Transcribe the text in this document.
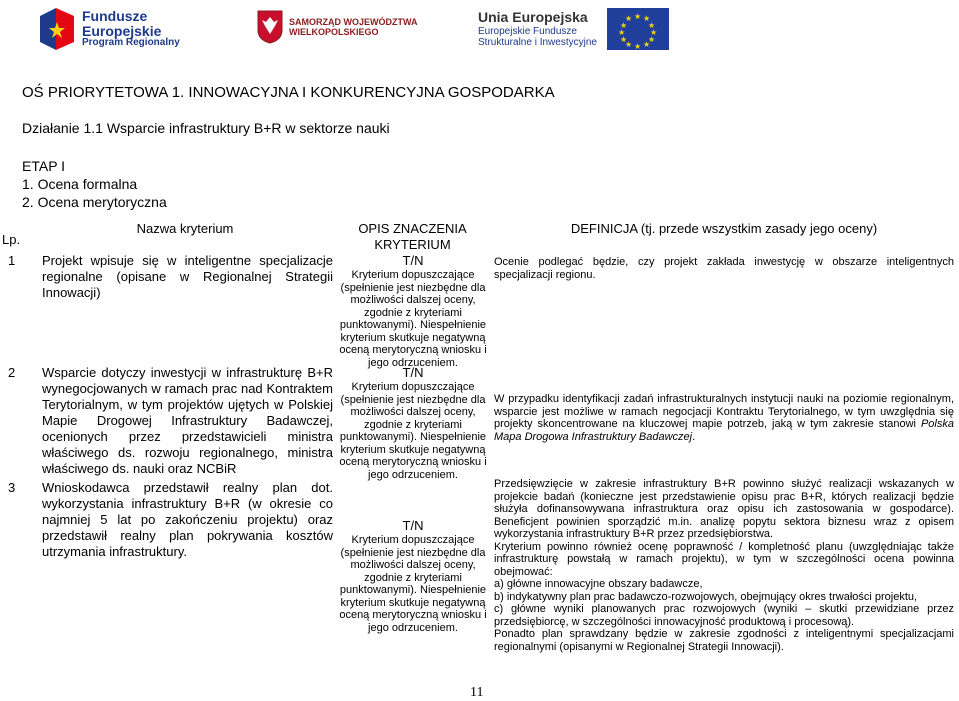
Fundusze
Europejskie
Program Regionalny
SAMORZĄD WOJEWÓDZTWA
WIELKOPOLSKIEGO
Unia Europejska
Europejskie Fundusze
Strukturalne i Inwestycyjne
★ ★
★
★
★
★
★
★
★
★
★
★
OŚ PRIORYTETOWA 1. INNOWACYJNA I KONKURENCYJNA GOSPODARKA
Działanie 1.1 Wsparcie infrastruktury B+R w sektorze nauki
ETAP I
1. Ocena formalna
2. Ocena merytoryczna
Lp.
Nazwa kryterium	OPIS ZNACZENIA
KRYTERIUM
DEFINICJA (tj. przede wszystkim zasady jego oceny)
1 Projekt wpisuje się w inteligentne specjalizacje regionalne (opisane w Regionalnej Strategii Innowacji)
T/N
Kryterium dopuszczające (spełnienie jest niezbędne dla możliwości dalszej oceny, zgodnie z kryteriami punktowanymi). Niespełnienie kryterium skutkuje negatywną oceną merytoryczną wniosku i jego odrzuceniem.
Ocenie podlegać będzie, czy projekt zakłada inwestycję w obszarze inteligentnych specjalizacji regionu.
2 Wsparcie dotyczy inwestycji w infrastrukturę B+R wynegocjowanych w ramach prac nad Kontraktem Terytorialnym, w tym projektów ujętych w Polskiej Mapie Drogowej Infrastruktury Badawczej, ocenionych przez przedstawicieli ministra właściwego ds. rozwoju regionalnego, ministra właściwego ds. nauki oraz NCBiR
T/N
Kryterium dopuszczające (spełnienie jest niezbędne dla możliwości dalszej oceny, zgodnie z kryteriami punktowanymi). Niespełnienie kryterium skutkuje negatywną oceną merytoryczną wniosku i jego odrzuceniem.
W przypadku identyfikacji zadań infrastrukturalnych instytucji nauki na poziomie regionalnym, wsparcie jest możliwe w ramach negocjacji Kontraktu Terytorialnego, w tym uwzględnia się projekty skoncentrowane na kluczowej mapie potrzeb, jaką w tym zakresie stanowi Polska Mapa Drogowa Infrastruktury Badawczej.
3 Wnioskodawca przedstawił realny plan dot. wykorzystania infrastruktury B+R (w okresie co najmniej 5 lat po zakończeniu projektu) oraz przedstawił realny plan pokrywania kosztów utrzymania infrastruktury.
T/N
Kryterium dopuszczające (spełnienie jest niezbędne dla możliwości dalszej oceny, zgodnie z kryteriami punktowanymi). Niespełnienie kryterium skutkuje negatywną oceną merytoryczną wniosku i jego odrzuceniem.
Przedsięwzięcie w zakresie infrastruktury B+R powinno służyć realizacji wskazanych w projekcie badań (konieczne jest przedstawienie opisu prac B+R, których realizacji będzie służyła dofinansowywana infrastruktura oraz opisu ich zastosowania w gospodarce). Beneficjent powinien sporządzić m.in. analizę popytu sektora biznesu wraz z opisem wykorzystania infrastruktury B+R przez przedsiębiorstwa.
Kryterium powinno również ocenę poprawność / kompletność planu (uwzględniając także infrastrukturę powstałą w ramach projektu), w tym w szczególności ocena powinna obejmować:
a) główne innowacyjne obszary badawcze,
b) indykatywny plan prac badawczo-rozwojowych, obejmujący okres trwałości projektu,
c) główne wyniki planowanych prac rozwojowych (wyniki – skutki przewidziane przez przedsiębiorcę, w szczególności innowacyjność produktową i procesową).
Ponadto plan sprawdzany będzie w zakresie zgodności z inteligentnymi specjalizacjami regionalnymi (opisanymi w Regionalnej Strategii Innowacji).
11
